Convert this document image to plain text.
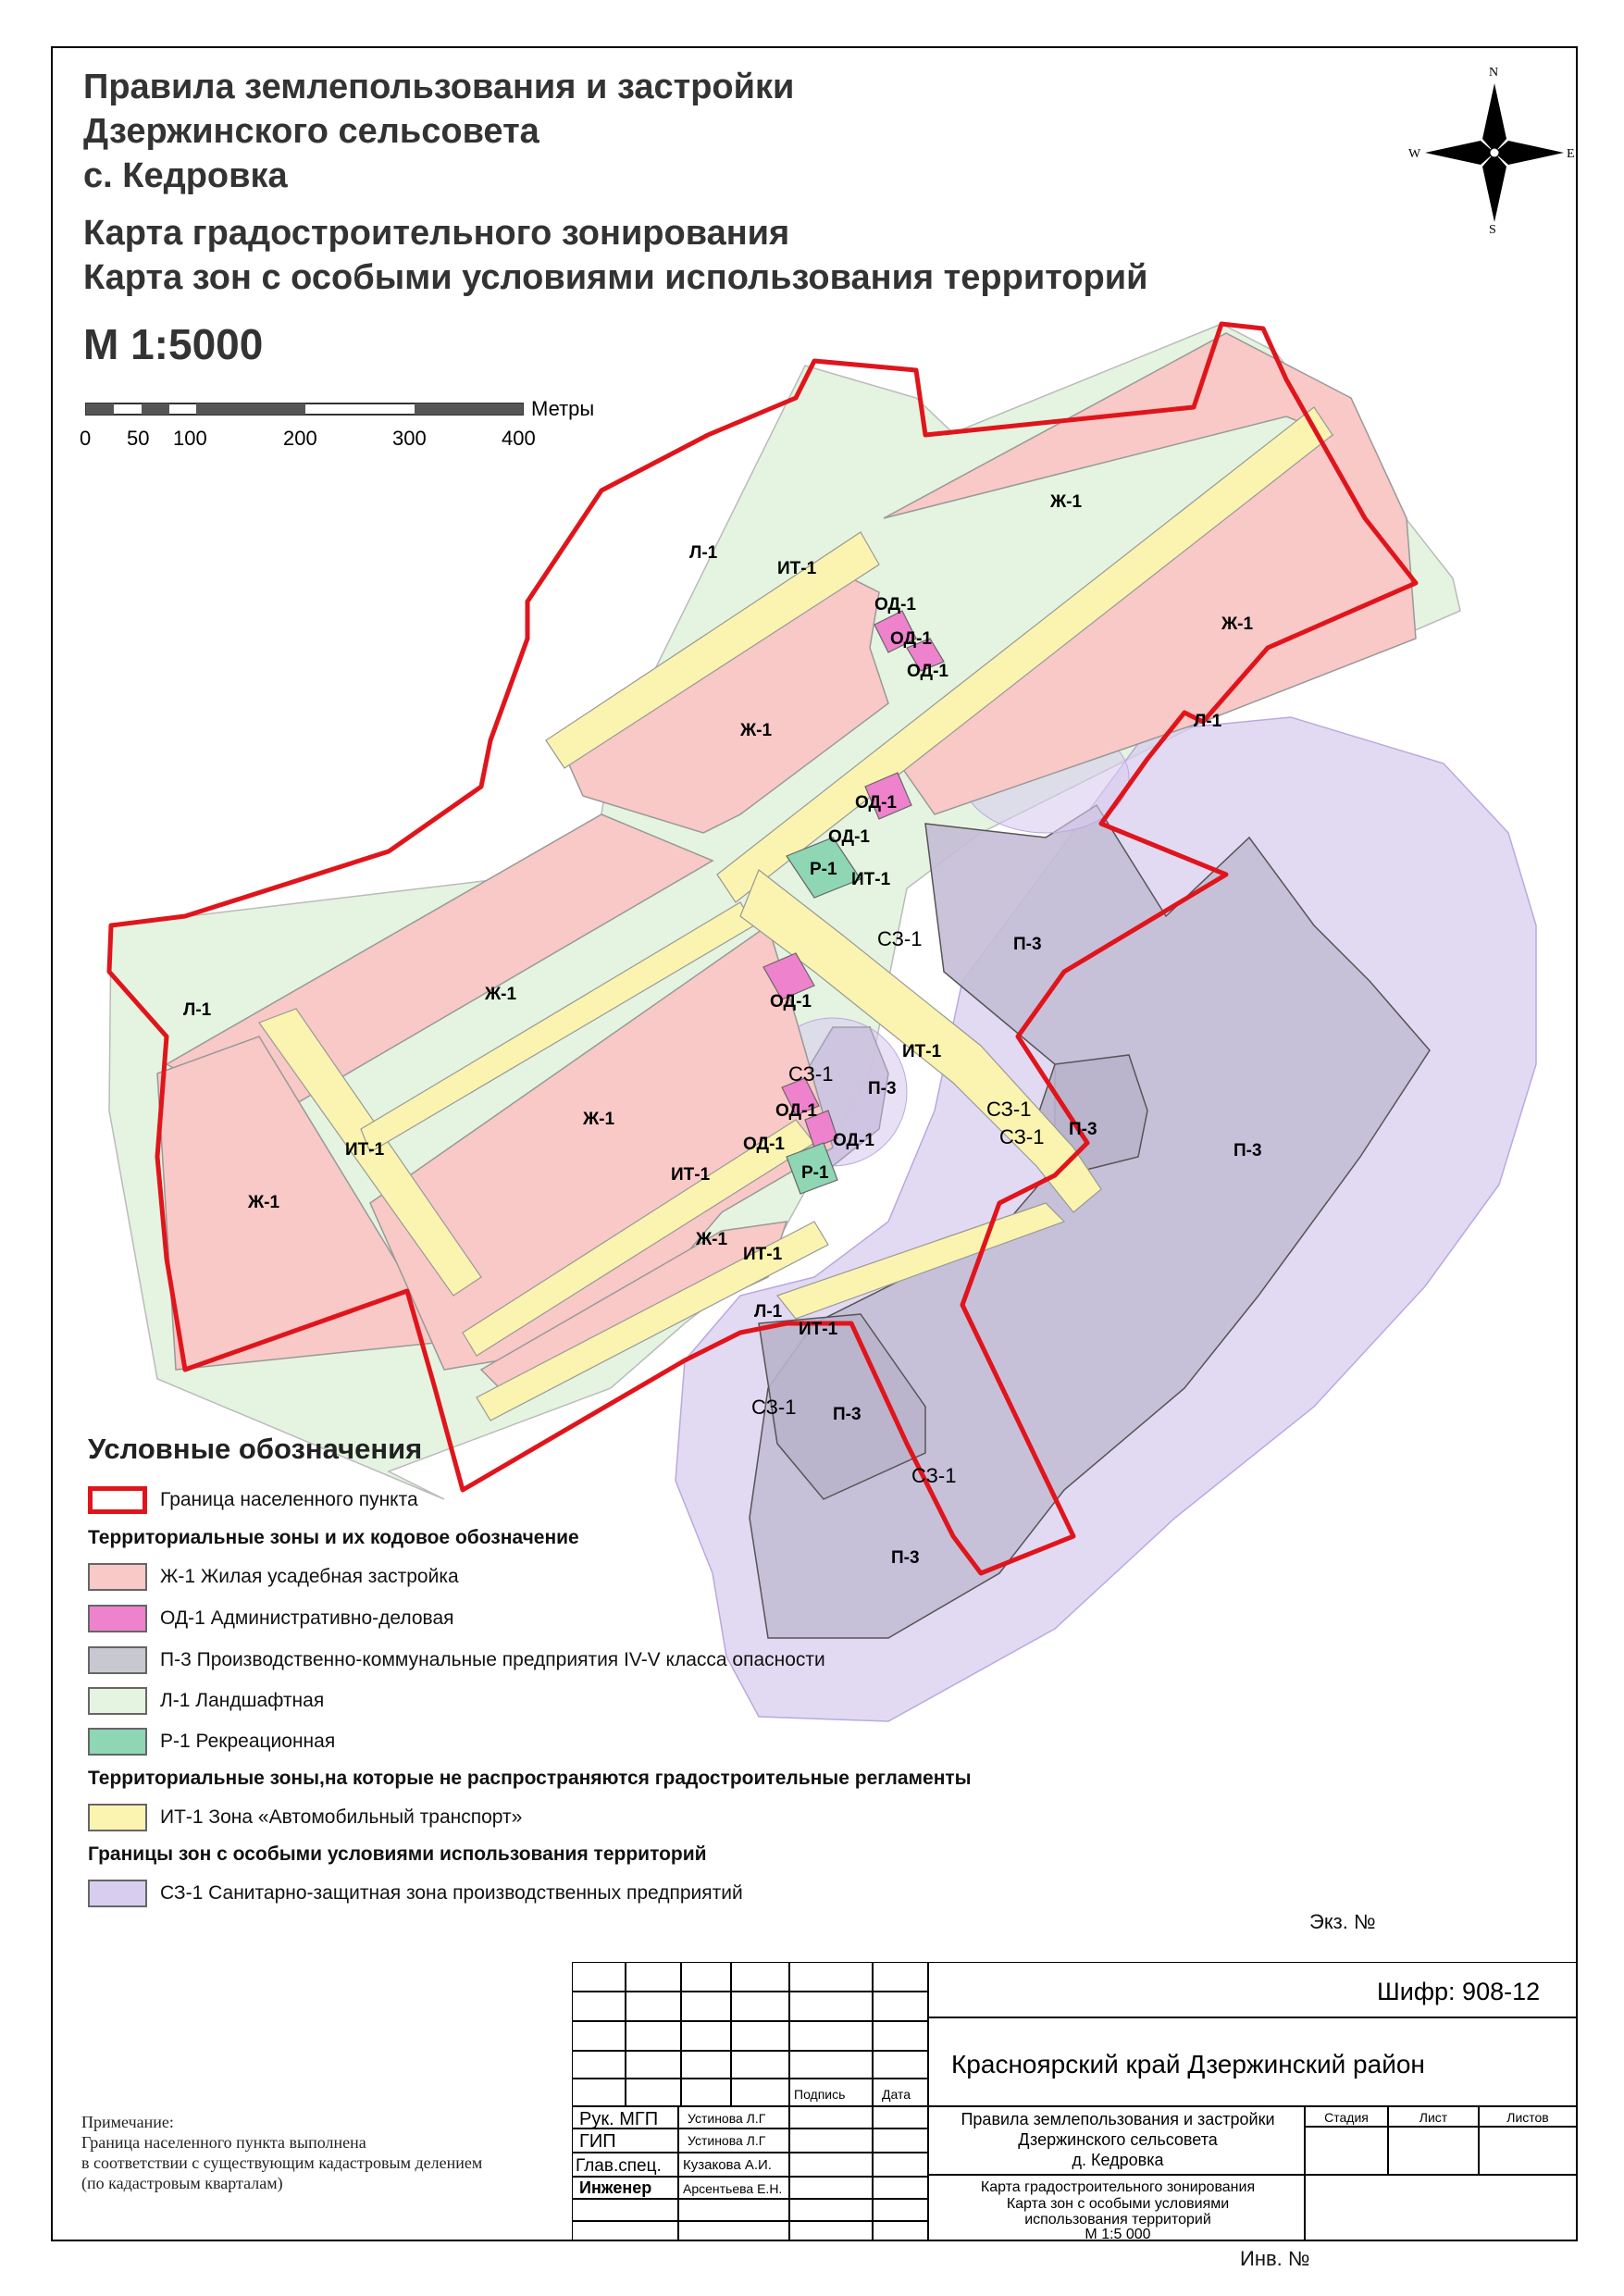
Правила землепользования и застройки
Дзержинского сельсовета
с. Кедровка
Карта градостроительного зонирования
Карта зон с особыми условиями использования территорий
М 1:5000
Метры
0 50 100	200	300	400
N
S
E
W
Ж-1
Ж-1
Ж-1
Ж-1
Ж-1
Ж-1
Ж-1
Л-1
Л-1
Л-1
Л-1
ИТ-1
ИТ-1
ИТ-1
ИТ-1
ИТ-1
ИТ-1
ИТ-1
ОД-1
ОД-1
ОД-1
ОД-1
ОД-1
ОД-1
ОД-1
ОД-1	ОД-1
Р-1
Р-1
СЗ-1
СЗ-1
СЗ-1
СЗ-1
СЗ-1
СЗ-1
П-3
П-3
П-3
П-3
П-3
П-3
Условные обозначения
Граница населенного пункта
Территориальные зоны и их кодовое обозначение
Ж-1 Жилая усадебная застройка
ОД-1 Административно-деловая
П-3 Производственно-коммунальные предприятия IV-V класса опасности
Л-1 Ландшафтная
Р-1 Рекреационная
Территориальные зоны,на которые не распространяются градостроительные регламенты
ИТ-1 Зона «Автомобильный транспорт»
Границы зон с особыми условиями использования территорий
СЗ-1 Санитарно-защитная зона производственных предприятий
Примечание:
Граница населенного пункта выполнена
в соответствии с существующим кадастровым делением
(по кадастровым кварталам)
Экз. №
Инв. №
Подпись	Дата
Рук. МГП Устинова Л.Г
ГИП	Устинова Л.Г
Глав.спец. Кузакова А.И.
Инженер Арсентьева Е.Н.
Шифр: 908-12
Красноярский край Дзержинский район
Правила землепользования и застройки
Дзержинского сельсовета
д. Кедровка
Стадия	Лист	Листов
Карта градостроительного зонирования
Карта зон с особыми условиями
использования территорий
М 1:5 000
